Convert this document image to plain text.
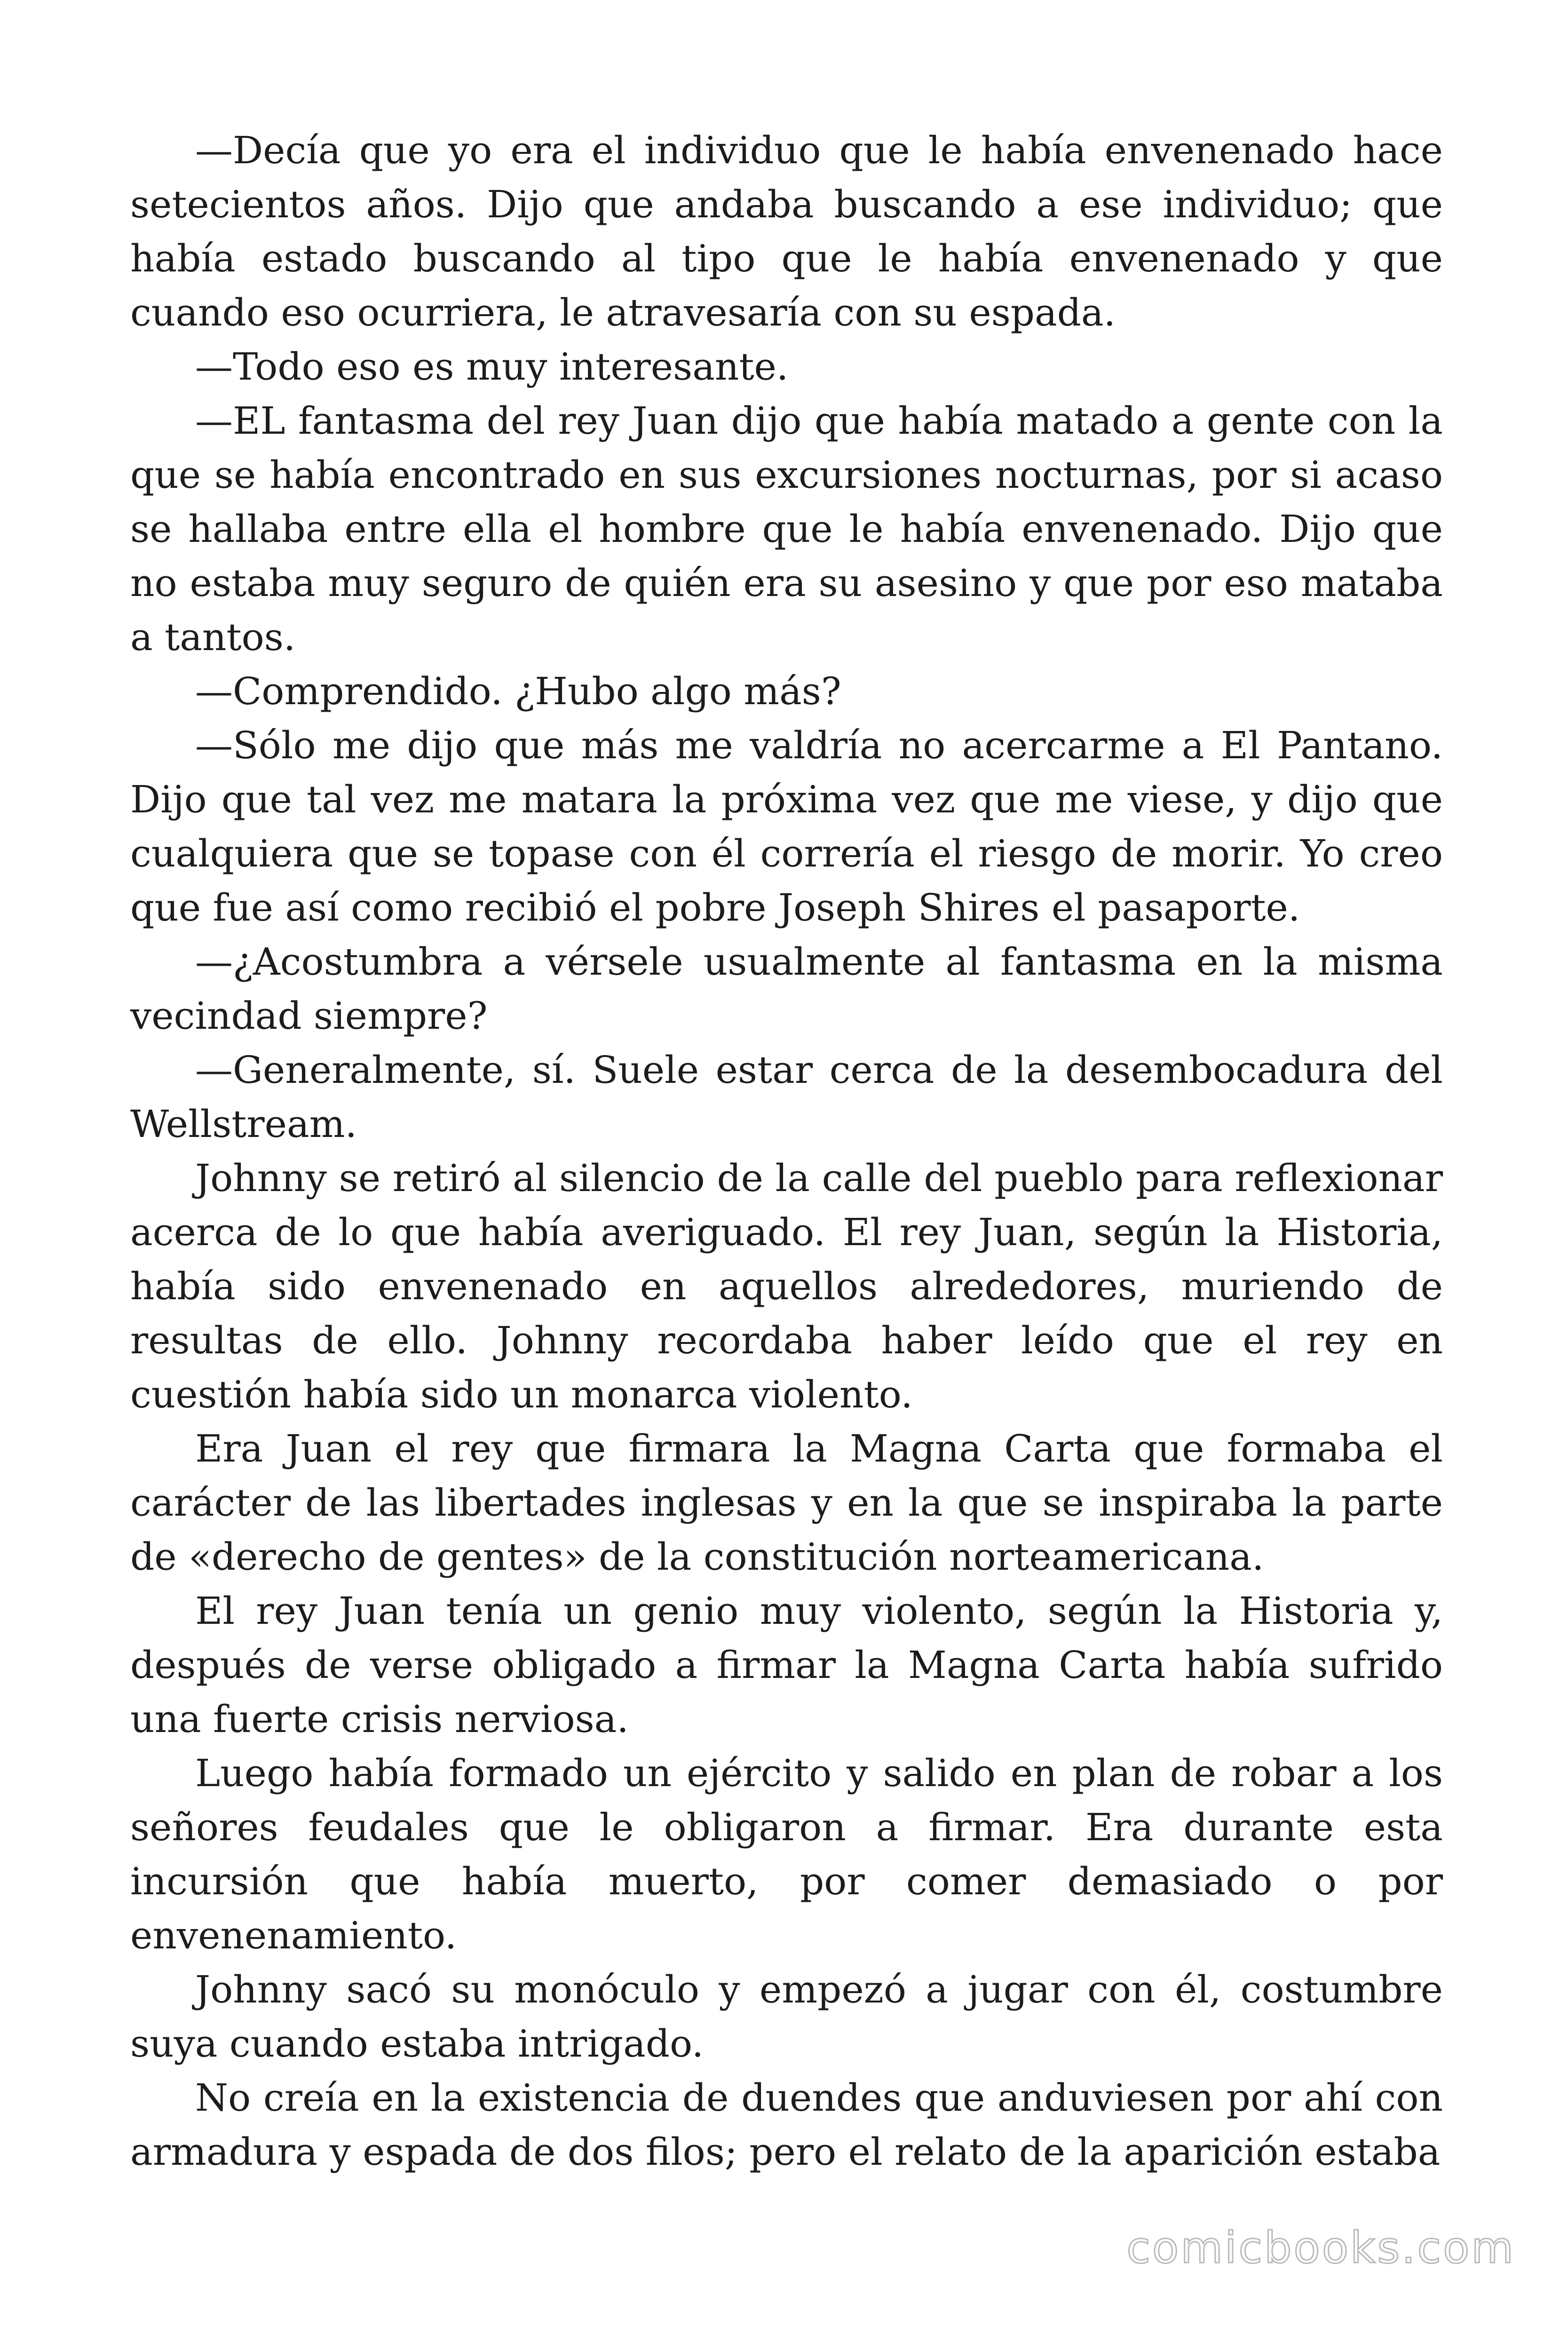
—Decía que yo era el individuo que le había envenenado hace setecientos años. Dijo que andaba buscando a ese individuo; que había estado buscando al tipo que le había envenenado y que cuando eso ocurriera, le atravesaría con su espada.

—Todo eso es muy interesante.

—EL fantasma del rey Juan dijo que había matado a gente con la que se había encontrado en sus excursiones nocturnas, por si acaso se hallaba entre ella el hombre que le había envenenado. Dijo que no estaba muy seguro de quién era su asesino y que por eso mataba a tantos.

—Comprendido. ¿Hubo algo más?

—Sólo me dijo que más me valdría no acercarme a El Pantano. Dijo que tal vez me matara la próxima vez que me viese, y dijo que cualquiera que se topase con él correría el riesgo de morir. Yo creo que fue así como recibió el pobre Joseph Shires el pasaporte.

—¿Acostumbra a vérsele usualmente al fantasma en la misma vecindad siempre?

—Generalmente, sí. Suele estar cerca de la desembocadura del Wellstream.

Johnny se retiró al silencio de la calle del pueblo para reflexionar acerca de lo que había averiguado. El rey Juan, según la Historia, había sido envenenado en aquellos alrededores, muriendo de resultas de ello. Johnny recordaba haber leído que el rey en cuestión había sido un monarca violento.

Era Juan el rey que firmara la Magna Carta que formaba el carácter de las libertades inglesas y en la que se inspiraba la parte de «derecho de gentes» de la constitución norteamericana.

El rey Juan tenía un genio muy violento, según la Historia y, después de verse obligado a firmar la Magna Carta había sufrido una fuerte crisis nerviosa.

Luego había formado un ejército y salido en plan de robar a los señores feudales que le obligaron a firmar. Era durante esta incursión que había muerto, por comer demasiado o por envenenamiento.

Johnny sacó su monóculo y empezó a jugar con él, costumbre suya cuando estaba intrigado.

No creía en la existencia de duendes que anduviesen por ahí con armadura y espada de dos filos; pero el relato de la aparición estaba

comicbooks.com
